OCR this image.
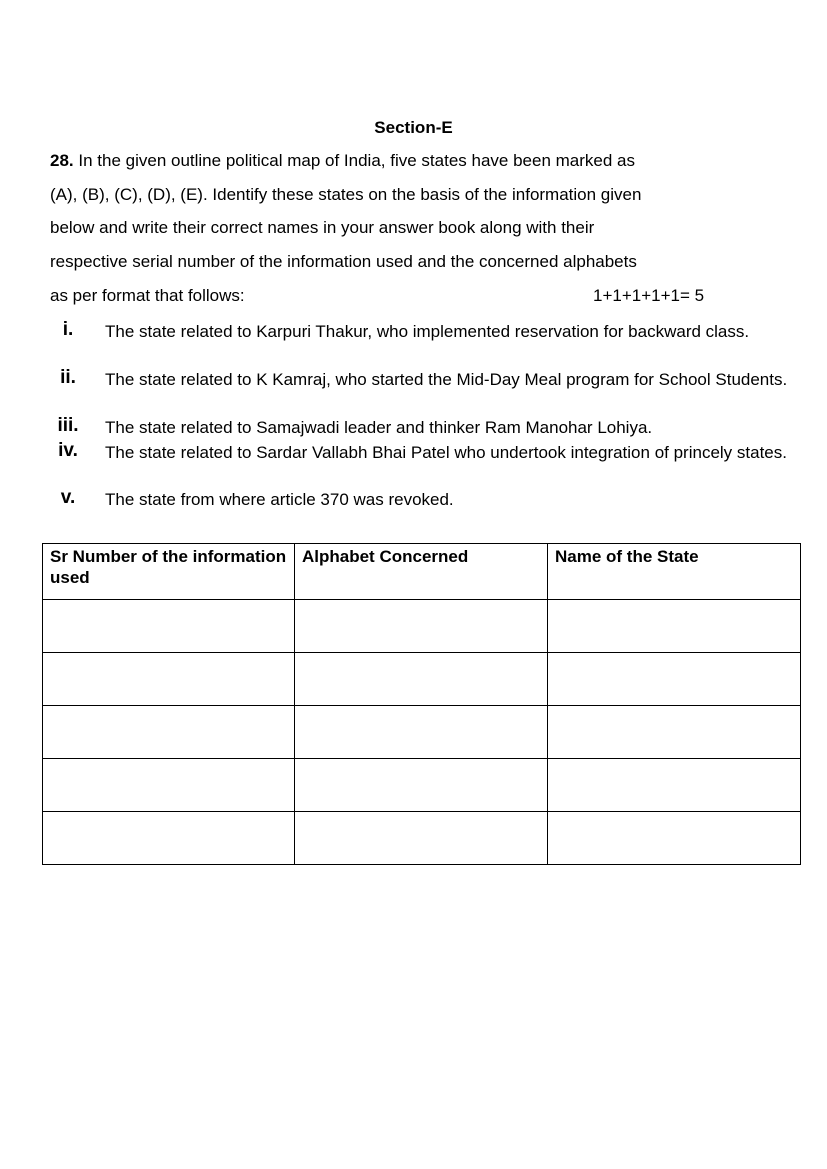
Section-E
28. In the given outline political map of India, five states have been marked as
(A), (B), (C), (D), (E). Identify these states on the basis of the information given
below and write their correct names in your answer book along with their
respective serial number of the information used and the concerned alphabets
as per format that follows:	1+1+1+1+1= 5
i.	The state related to Karpuri Thakur, who implemented reservation for backward class.
ii.	The state related to K Kamraj, who started the Mid-Day Meal program for School Students.
iii.	The state related to Samajwadi leader and thinker Ram Manohar Lohiya.
iv.	The state related to Sardar Vallabh Bhai Patel who undertook integration of princely states.
v.	The state from where article 370 was revoked.
Sr Number of the information used	Alphabet Concerned	Name of the State
